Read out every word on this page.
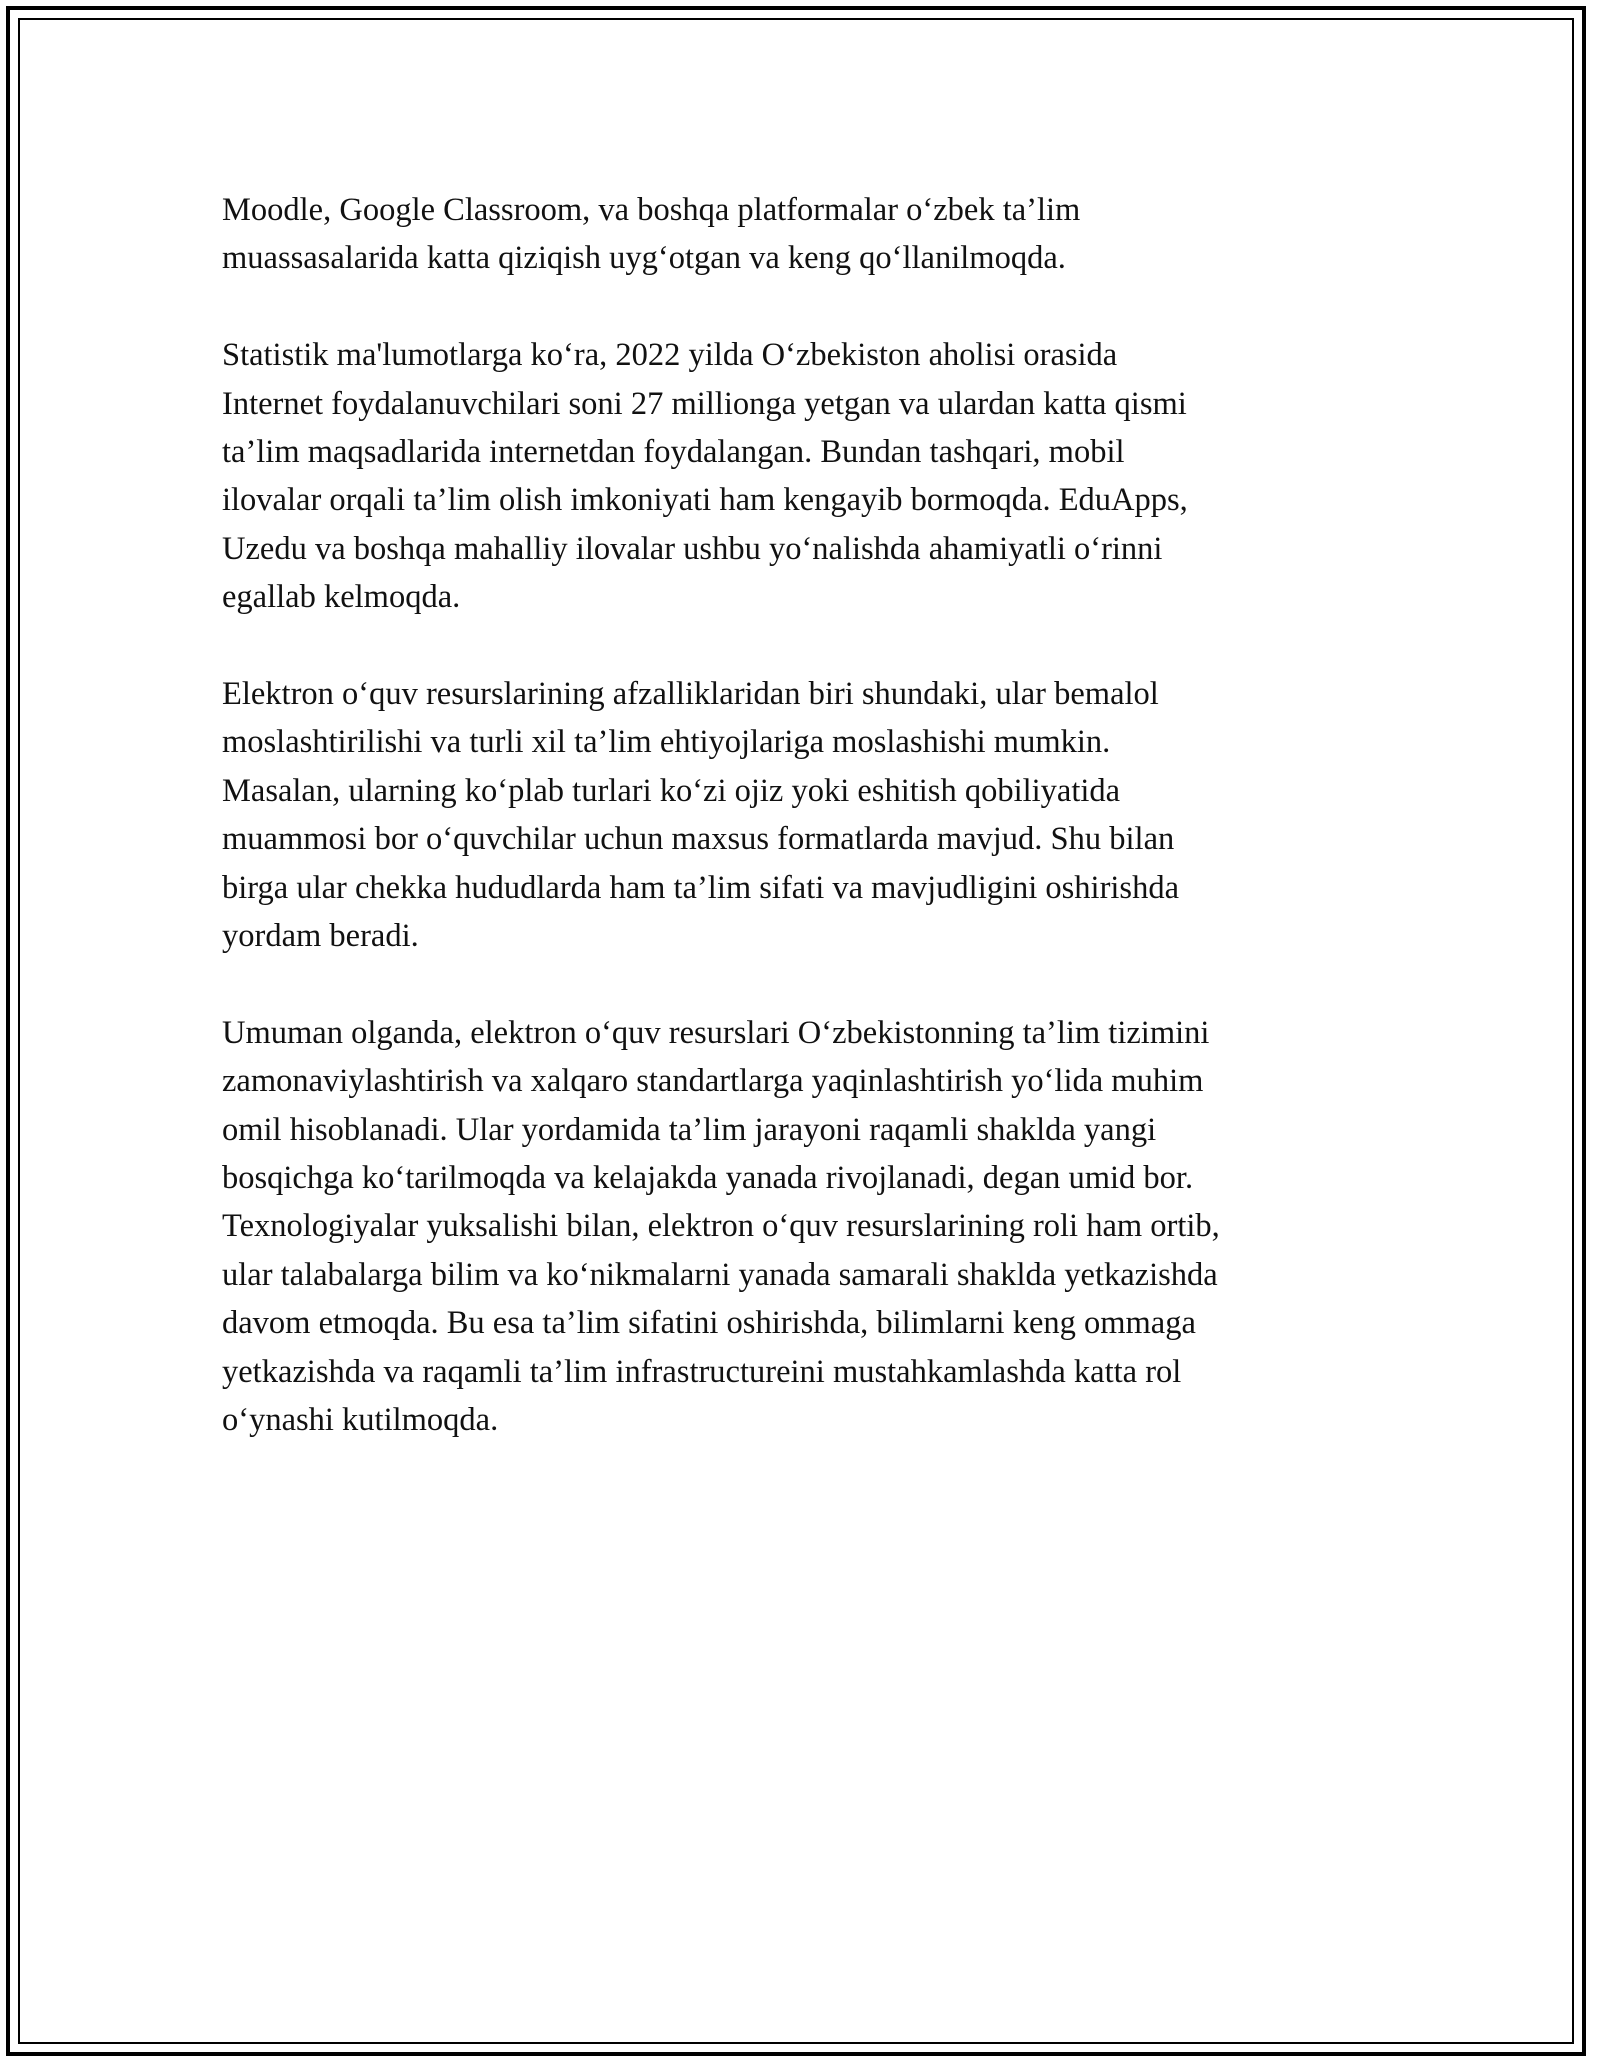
Moodle, Google Classroom, va boshqa platformalar o‘zbek ta’lim
muassasalarida katta qiziqish uyg‘otgan va keng qo‘llanilmoqda.

Statistik ma'lumotlarga ko‘ra, 2022 yilda O‘zbekiston aholisi orasida
Internet foydalanuvchilari soni 27 millionga yetgan va ulardan katta qismi
ta’lim maqsadlarida internetdan foydalangan. Bundan tashqari, mobil
ilovalar orqali ta’lim olish imkoniyati ham kengayib bormoqda. EduApps,
Uzedu va boshqa mahalliy ilovalar ushbu yo‘nalishda ahamiyatli o‘rinni
egallab kelmoqda.

Elektron o‘quv resurslarining afzalliklaridan biri shundaki, ular bemalol
moslashtirilishi va turli xil ta’lim ehtiyojlariga moslashishi mumkin.
Masalan, ularning ko‘plab turlari ko‘zi ojiz yoki eshitish qobiliyatida
muammosi bor o‘quvchilar uchun maxsus formatlarda mavjud. Shu bilan
birga ular chekka hududlarda ham ta’lim sifati va mavjudligini oshirishda
yordam beradi.

Umuman olganda, elektron o‘quv resurslari O‘zbekistonning ta’lim tizimini
zamonaviylashtirish va xalqaro standartlarga yaqinlashtirish yo‘lida muhim
omil hisoblanadi. Ular yordamida ta’lim jarayoni raqamli shaklda yangi
bosqichga ko‘tarilmoqda va kelajakda yanada rivojlanadi, degan umid bor.
Texnologiyalar yuksalishi bilan, elektron o‘quv resurslarining roli ham ortib,
ular talabalarga bilim va ko‘nikmalarni yanada samarali shaklda yetkazishda
davom etmoqda. Bu esa ta’lim sifatini oshirishda, bilimlarni keng ommaga
yetkazishda va raqamli ta’lim infrastructureini mustahkamlashda katta rol
o‘ynashi kutilmoqda.
